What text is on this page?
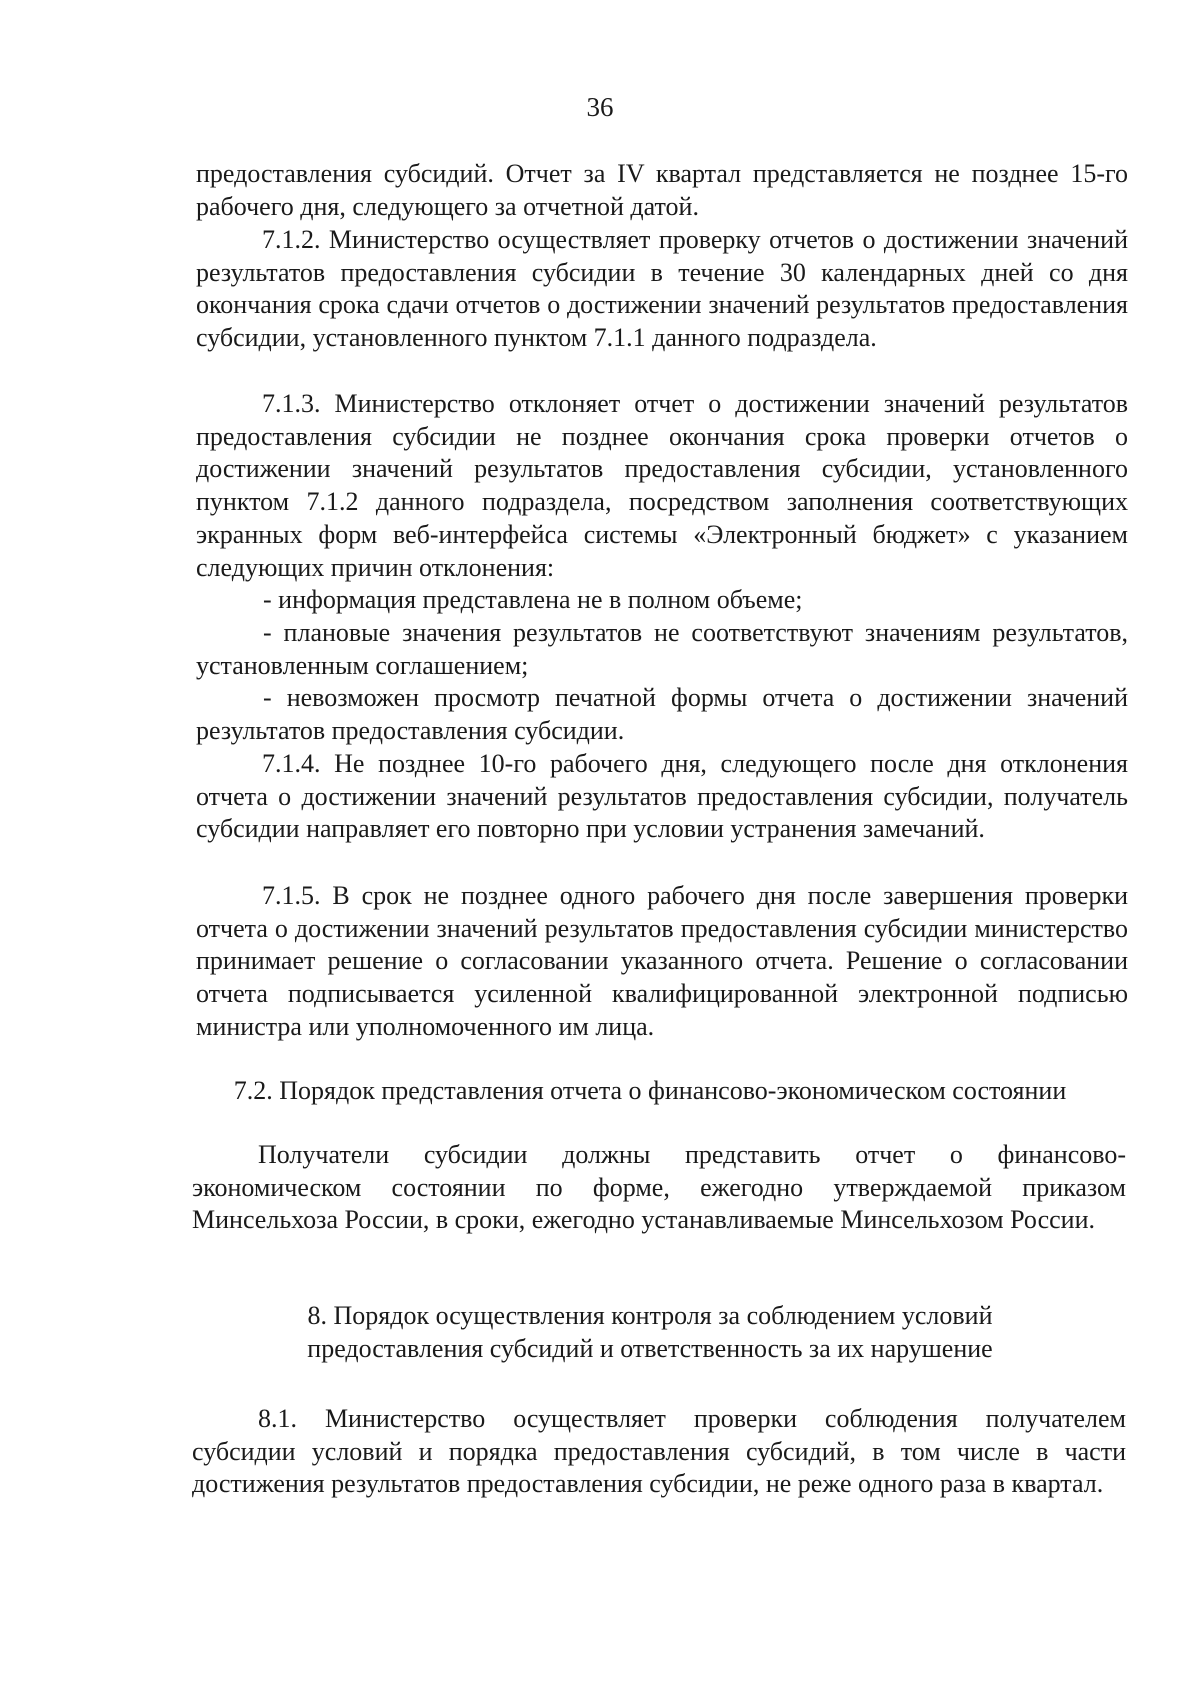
36

предоставления субсидий. Отчет за IV квартал представляется не позднее 15-го рабочего дня, следующего за отчетной датой.

7.1.2. Министерство осуществляет проверку отчетов о достижении значений результатов предоставления субсидии в течение 30 календарных дней со дня окончания срока сдачи отчетов о достижении значений результатов предоставления субсидии, установленного пунктом 7.1.1 данного подраздела.

7.1.3. Министерство отклоняет отчет о достижении значений результатов предоставления субсидии не позднее окончания срока проверки отчетов о достижении значений результатов предоставления субсидии, установленного пунктом 7.1.2 данного подраздела, посредством заполнения соответствующих экранных форм веб-интерфейса системы «Электронный бюджет» с указанием следующих причин отклонения:

- информация представлена не в полном объеме;

- плановые значения результатов не соответствуют значениям результатов, установленным соглашением;

- невозможен просмотр печатной формы отчета о достижении значений результатов предоставления субсидии.

7.1.4. Не позднее 10-го рабочего дня, следующего после дня отклонения отчета о достижении значений результатов предоставления субсидии, получатель субсидии направляет его повторно при условии устранения замечаний.

7.1.5. В срок не позднее одного рабочего дня после завершения проверки отчета о достижении значений результатов предоставления субсидии министерство принимает решение о согласовании указанного отчета. Решение о согласовании отчета подписывается усиленной квалифицированной электронной подписью министра или уполномоченного им лица.

7.2. Порядок представления отчета о финансово-экономическом состоянии

Получатели субсидии должны представить отчет о финансово-экономическом состоянии по форме, ежегодно утверждаемой приказом Минсельхоза России, в сроки, ежегодно устанавливаемые Минсельхозом России.

8. Порядок осуществления контроля за соблюдением условий
предоставления субсидий и ответственность за их нарушение

8.1. Министерство осуществляет проверки соблюдения получателем субсидии условий и порядка предоставления субсидий, в том числе в части достижения результатов предоставления субсидии, не реже одного раза в квартал.
